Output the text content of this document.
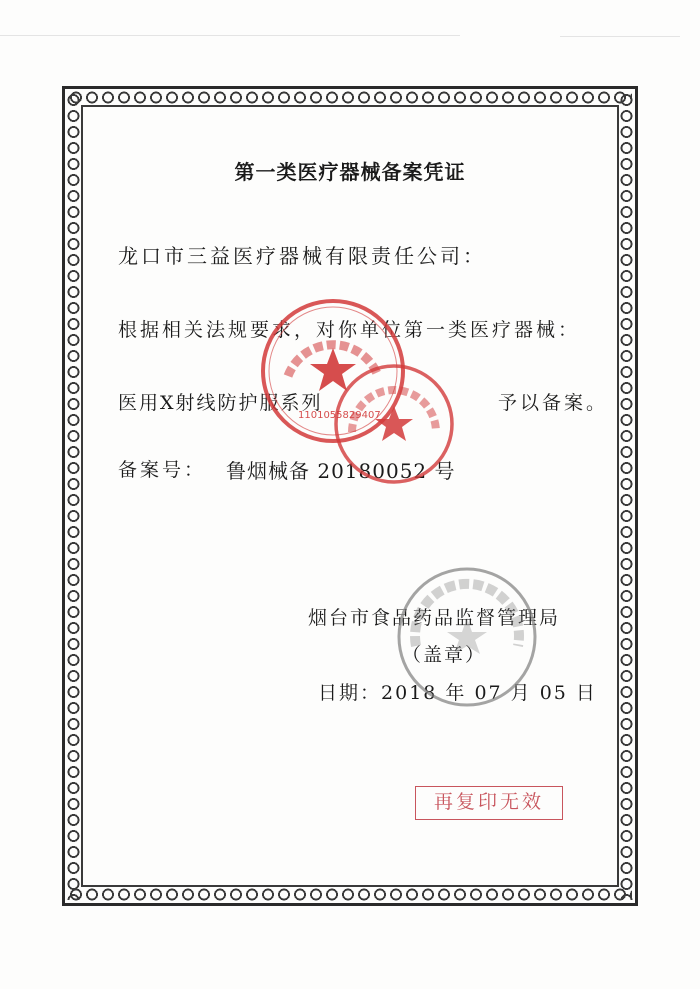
第一类医疗器械备案凭证
龙口市三益医疗器械有限责任公司：
根据相关法规要求，对你单位第一类医疗器械：
医用X射线防护服系列	予以备案。
备案号： 鲁烟械备 20180052 号
烟台市食品药品监督管理局
（盖章）
日期：2018 年 07 月 05 日
再复印无效
1101055829407
